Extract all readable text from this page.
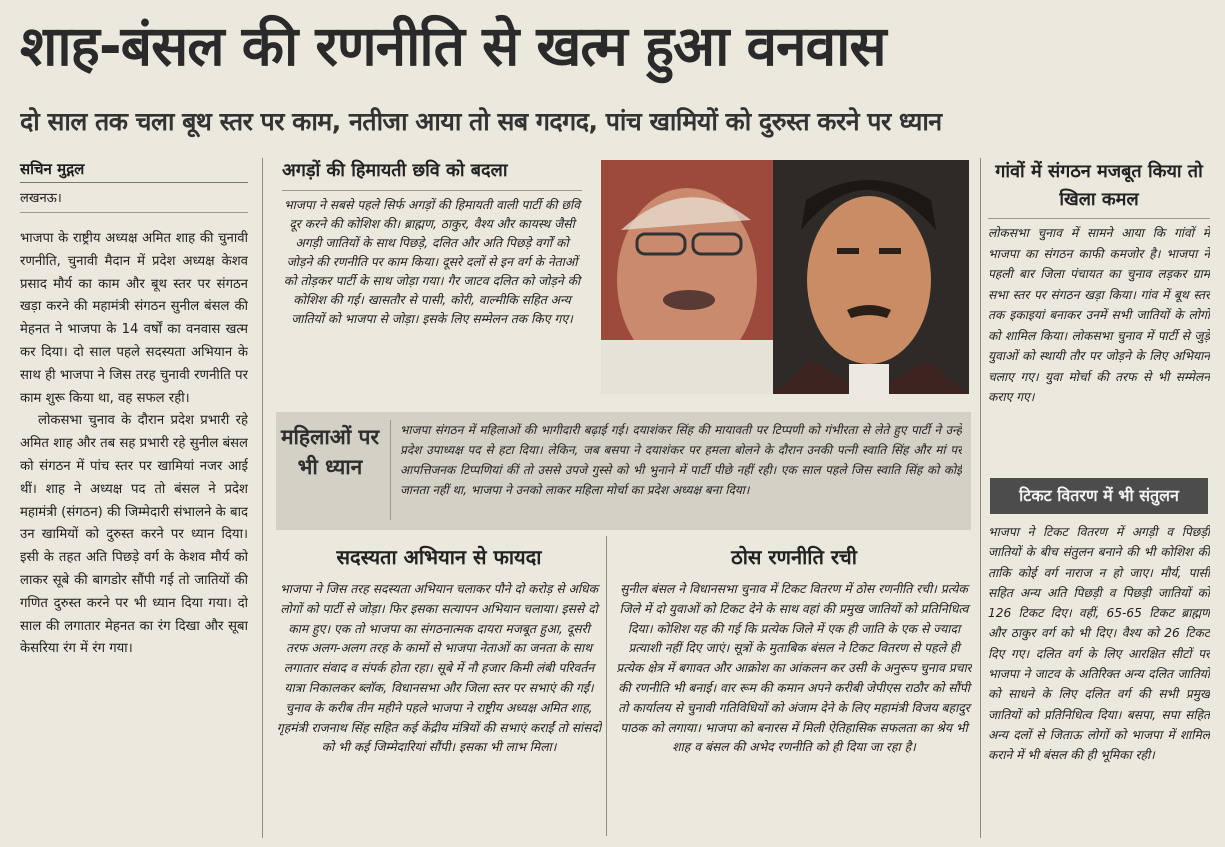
शाह-बंसल की रणनीति से खत्म हुआ वनवास
दो साल तक चला बूथ स्तर पर काम, नतीजा आया तो सब गदगद, पांच खामियों को दुरुस्त करने पर ध्यान
सचिन मुद्गल
लखनऊ।

भाजपा के राष्ट्रीय अध्यक्ष अमित शाह की चुनावी रणनीति, चुनावी मैदान में प्रदेश अध्यक्ष केशव प्रसाद मौर्य का काम और बूथ स्तर पर संगठन खड़ा करने की महामंत्री संगठन सुनील बंसल की मेहनत ने भाजपा के 14 वर्षों का वनवास खत्म कर दिया। दो साल पहले सदस्यता अभियान के साथ ही भाजपा ने जिस तरह चुनावी रणनीति पर काम शुरू किया था, वह सफल रही।

लोकसभा चुनाव के दौरान प्रदेश प्रभारी रहे अमित शाह और तब सह प्रभारी रहे सुनील बंसल को संगठन में पांच स्तर पर खामियां नजर आई थीं। शाह ने अध्यक्ष पद तो बंसल ने प्रदेश महामंत्री (संगठन) की जिम्मेदारी संभालने के बाद उन खामियों को दुरुस्त करने पर ध्यान दिया। इसी के तहत अति पिछड़े वर्ग के केशव मौर्य को लाकर सूबे की बागडोर सौंपी गई तो जातियों की गणित दुरुस्त करने पर भी ध्यान दिया गया। दो साल की लगातार मेहनत का रंग दिखा और सूबा केसरिया रंग में रंग गया।

अगड़ों की हिमायती छवि को बदला
भाजपा ने सबसे पहले सिर्फ अगड़ों की हिमायती वाली पार्टी की छवि दूर करने की कोशिश की। ब्राह्मण, ठाकुर, वैश्य और कायस्थ जैसी अगड़ी जातियों के साथ पिछड़े, दलित और अति पिछड़े वर्गों को जोड़ने की रणनीति पर काम किया। दूसरे दलों से इन वर्ग के नेताओं को तोड़कर पार्टी के साथ जोड़ा गया। गैर जाटव दलित को जोड़ने की कोशिश की गई। खासतौर से पासी, कोरी, वाल्मीकि सहित अन्य जातियों को भाजपा से जोड़ा। इसके लिए सम्मेलन तक किए गए।
गांवों में संगठन मजबूत किया तो खिला कमल
लोकसभा चुनाव में सामने आया कि गांवों में भाजपा का संगठन काफी कमजोर है। भाजपा ने पहली बार जिला पंचायत का चुनाव लड़कर ग्राम सभा स्तर पर संगठन खड़ा किया। गांव में बूथ स्तर तक इकाइयां बनाकर उनमें सभी जातियों के लोगों को शामिल किया। लोकसभा चुनाव में पार्टी से जुड़े युवाओं को स्थायी तौर पर जोड़ने के लिए अभियान चलाए गए। युवा मोर्चा की तरफ से भी सम्मेलन कराए गए।
महिलाओं पर भी ध्यान
भाजपा संगठन में महिलाओं की भागीदारी बढ़ाई गई। दयाशंकर सिंह की मायावती पर टिप्पणी को गंभीरता से लेते हुए पार्टी ने उन्हें प्रदेश उपाध्यक्ष पद से हटा दिया। लेकिन, जब बसपा ने दयाशंकर पर हमला बोलने के दौरान उनकी पत्नी स्वाति सिंह और मां पर आपत्तिजनक टिप्पणियां कीं तो उससे उपजे गुस्से को भी भुनाने में पार्टी पीछे नहीं रही। एक साल पहले जिस स्वाति सिंह को कोई जानता नहीं था, भाजपा ने उनको लाकर महिला मोर्चा का प्रदेश अध्यक्ष बना दिया।
सदस्यता अभियान से फायदा
भाजपा ने जिस तरह सदस्यता अभियान चलाकर पौने दो करोड़ से अधिक लोगों को पार्टी से जोड़ा। फिर इसका सत्यापन अभियान चलाया। इससे दो काम हुए। एक तो भाजपा का संगठनात्मक दायरा मजबूत हुआ, दूसरी तरफ अलग-अलग तरह के कामों से भाजपा नेताओं का जनता के साथ लगातार संवाद व संपर्क होता रहा। सूबे में नौ हजार किमी लंबी परिवर्तन यात्रा निकालकर ब्लॉक, विधानसभा और जिला स्तर पर सभाएं की गईं। चुनाव के करीब तीन महीने पहले भाजपा ने राष्ट्रीय अध्यक्ष अमित शाह, गृहमंत्री राजनाथ सिंह सहित कई केंद्रीय मंत्रियों की सभाएं कराईं तो सांसदों को भी कई जिम्मेदारियां सौंपी। इसका भी लाभ मिला।
ठोस रणनीति रची
सुनील बंसल ने विधानसभा चुनाव में टिकट वितरण में ठोस रणनीति रची। प्रत्येक जिले में दो युवाओं को टिकट देने के साथ वहां की प्रमुख जातियों को प्रतिनिधित्व दिया। कोशिश यह की गई कि प्रत्येक जिले में एक ही जाति के एक से ज्यादा प्रत्याशी नहीं दिए जाएं। सूत्रों के मुताबिक बंसल ने टिकट वितरण से पहले ही प्रत्येक क्षेत्र में बगावत और आक्रोश का आंकलन कर उसी के अनुरूप चुनाव प्रचार की रणनीति भी बनाई। वार रूम की कमान अपने करीबी जेपीएस राठौर को सौंपी तो कार्यालय से चुनावी गतिविधियों को अंजाम देने के लिए महामंत्री विजय बहादुर पाठक को लगाया। भाजपा को बनारस में मिली ऐतिहासिक सफलता का श्रेय भी शाह व बंसल की अभेद रणनीति को ही दिया जा रहा है।
टिकट वितरण में भी संतुलन
भाजपा ने टिकट वितरण में अगड़ी व पिछड़ी जातियों के बीच संतुलन बनाने की भी कोशिश की ताकि कोई वर्ग नाराज न हो जाए। मौर्य, पासी सहित अन्य अति पिछड़ी व पिछड़ी जातियों को 126 टिकट दिए। वहीं, 65-65 टिकट ब्राह्मण और ठाकुर वर्ग को भी दिए। वैश्य को 26 टिकट दिए गए। दलित वर्ग के लिए आरक्षित सीटों पर भाजपा ने जाटव के अतिरिक्त अन्य दलित जातियों को साधने के लिए दलित वर्ग की सभी प्रमुख जातियों को प्रतिनिधित्व दिया। बसपा, सपा सहित अन्य दलों से जिताऊ लोगों को भाजपा में शामिल कराने में भी बंसल की ही भूमिका रही।
